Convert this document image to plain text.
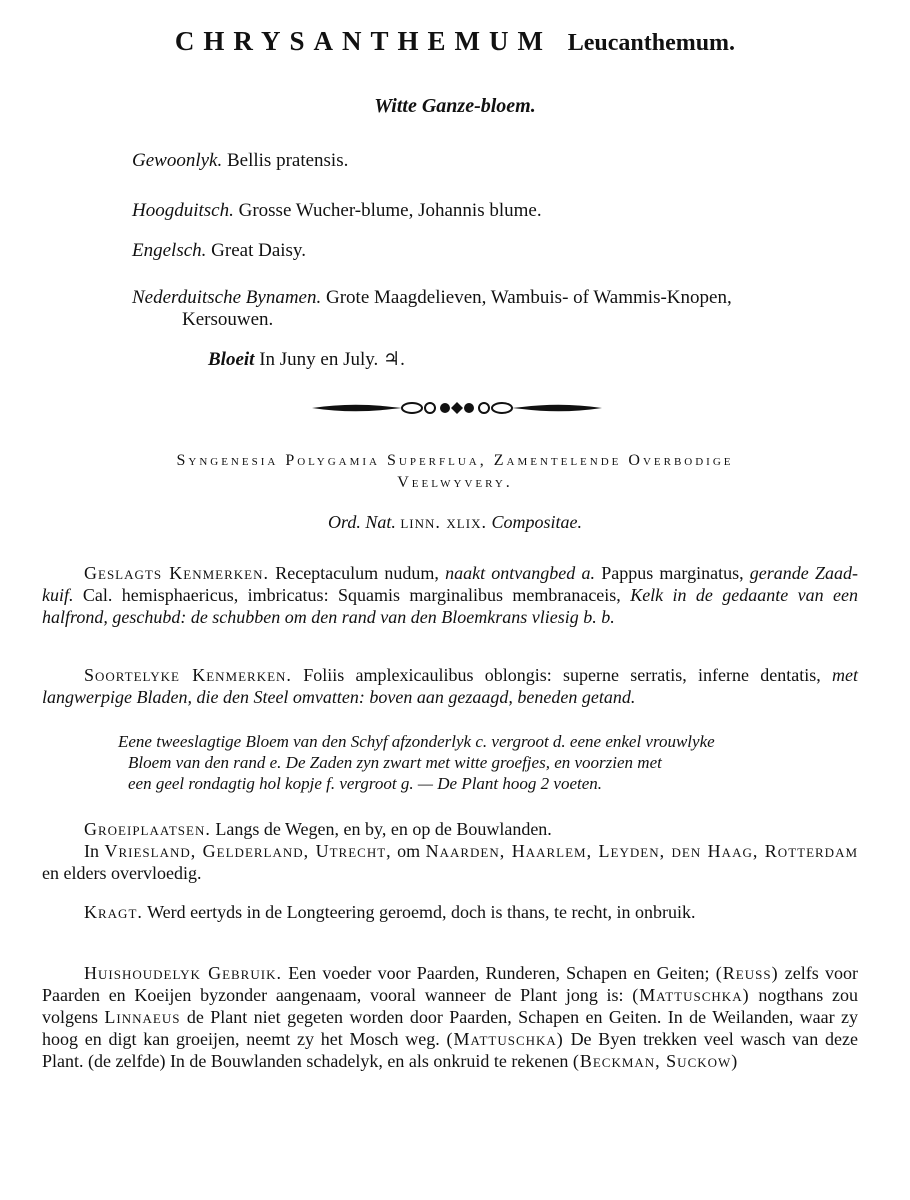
CHRYSANTHEMUM Leucanthemum.
Witte Ganze-bloem.
Gewoonlyk. Bellis pratensis.
Hoogduitsch. Grosse Wucher-blume, Johannis blume.
Engelsch. Great Daisy.
Nederduitsche Bynamen. Grote Maagdelieven, Wambuis- of Wammis-Knopen,
Kersouwen.
Bloeit In Juny en July. ♃.
Syngenesia Polygamia Superflua, Zamentelende Overbodige
Veelwyvery.
Ord. Nat. linn. xlix. Compositae.
Geslagts Kenmerken. Receptaculum nudum, naakt ontvangbed a. Pappus marginatus, gerande Zaad-kuif. Cal. hemisphaericus, imbricatus: Squamis marginalibus membranaceis, Kelk in de gedaante van een halfrond, geschubd: de schubben om den rand van den Bloemkrans vliesig b. b.
Soortelyke Kenmerken. Foliis amplexicaulibus oblongis: superne serratis, inferne dentatis, met langwerpige Bladen, die den Steel omvatten: boven aan gezaagd, beneden getand.
Eene tweeslagtige Bloem van den Schyf afzonderlyk c. vergroot d. eene enkel vrouwlyke
Bloem van den rand e. De Zaden zyn zwart met witte groefjes, en voorzien met
een geel rondagtig hol kopje f. vergroot g. — De Plant hoog 2 voeten.
Groeiplaatsen. Langs de Wegen, en by, en op de Bouwlanden.
In Vriesland, Gelderland, Utrecht, om Naarden, Haarlem, Leyden, den Haag, Rotterdam en elders overvloedig.
Kragt. Werd eertyds in de Longteering geroemd, doch is thans, te recht, in onbruik.
Huishoudelyk Gebruik. Een voeder voor Paarden, Runderen, Schapen en Geiten; (Reuss) zelfs voor Paarden en Koeijen byzonder aangenaam, vooral wanneer de Plant jong is: (Mattuschka) nogthans zou volgens Linnaeus de Plant niet gegeten worden door Paarden, Schapen en Geiten. In de Weilanden, waar zy hoog en digt kan groeijen, neemt zy het Mosch weg. (Mattuschka) De Byen trekken veel wasch van deze Plant. (de zelfde) In de Bouwlanden schadelyk, en als onkruid te rekenen (Beckman, Suckow)
